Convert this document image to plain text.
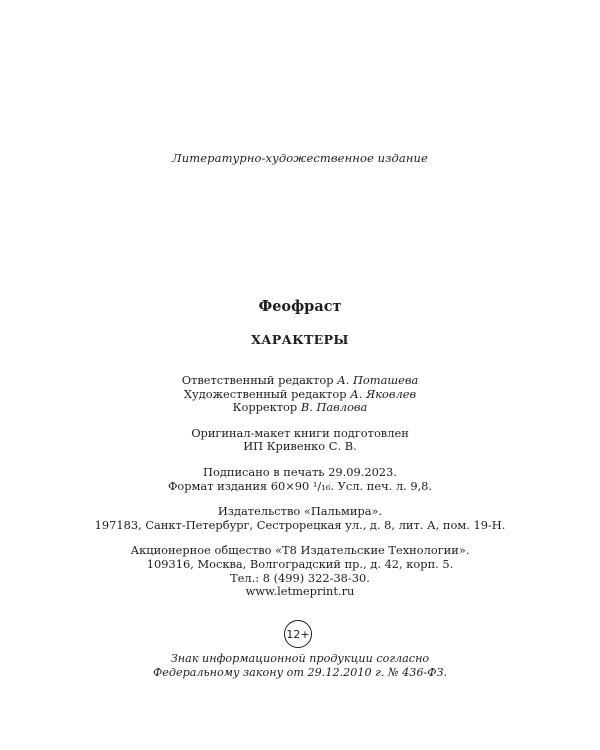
Литературно-художественное издание
Феофраст
ХАРАКТЕРЫ
Ответственный редактор А. Поташева
Художественный редактор А. Яковлев
Корректор В. Павлова
Оригинал-макет книги подготовлен
ИП Кривенко С. В.
Подписано в печать 29.09.2023.
Формат издания 60×90 ¹/₁₆. Усл. печ. л. 9,8.
Издательство «Пальмира».
197183, Санкт-Петербург, Сестрорецкая ул., д. 8, лит. А, пом. 19-Н.
Акционерное общество «Т8 Издательские Технологии».
109316, Москва, Волгоградский пр., д. 42, корп. 5.
Тел.: 8 (499) 322-38-30.
www.letmeprint.ru
12+
Знак информационной продукции согласно
Федеральному закону от 29.12.2010 г. № 436-ФЗ.
